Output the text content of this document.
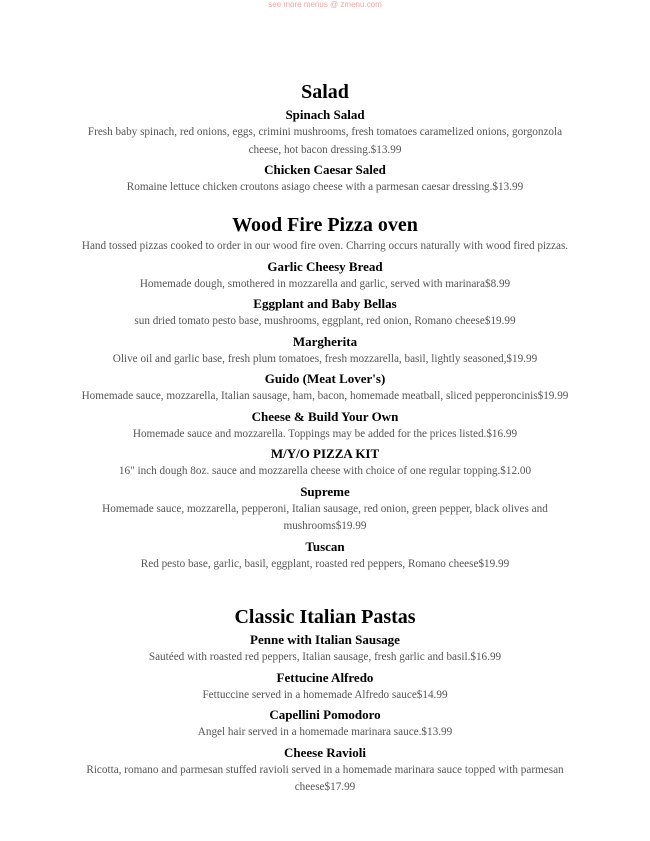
see more menus @ zmenu.com
Salad
Spinach Salad
Fresh baby spinach, red onions, eggs, crimini mushrooms, fresh tomatoes caramelized onions, gorgonzola cheese, hot bacon dressing.$13.99
Chicken Caesar Saled
Romaine lettuce chicken croutons asiago cheese with a parmesan caesar dressing.$13.99
Wood Fire Pizza oven
Hand tossed pizzas cooked to order in our wood fire oven. Charring occurs naturally with wood fired pizzas.
Garlic Cheesy Bread
Homemade dough, smothered in mozzarella and garlic, served with marinara$8.99
Eggplant and Baby Bellas
sun dried tomato pesto base, mushrooms, eggplant, red onion, Romano cheese$19.99
Margherita
Olive oil and garlic base, fresh plum tomatoes, fresh mozzarella, basil, lightly seasoned,$19.99
Guido (Meat Lover's)
Homemade sauce, mozzarella, Italian sausage, ham, bacon, homemade meatball, sliced pepperoncinis$19.99
Cheese & Build Your Own
Homemade sauce and mozzarella. Toppings may be added for the prices listed.$16.99
M/Y/O PIZZA KIT
16" inch dough 8oz. sauce and mozzarella cheese with choice of one regular topping.$12.00
Supreme
Homemade sauce, mozzarella, pepperoni, Italian sausage, red onion, green pepper, black olives and mushrooms$19.99
Tuscan
Red pesto base, garlic, basil, eggplant, roasted red peppers, Romano cheese$19.99
Classic Italian Pastas
Penne with Italian Sausage
Sautéed with roasted red peppers, Italian sausage, fresh garlic and basil.$16.99
Fettucine Alfredo
Fettuccine served in a homemade Alfredo sauce$14.99
Capellini Pomodoro
Angel hair served in a homemade marinara sauce.$13.99
Cheese Ravioli
Ricotta, romano and parmesan stuffed ravioli served in a homemade marinara sauce topped with parmesan cheese$17.99
